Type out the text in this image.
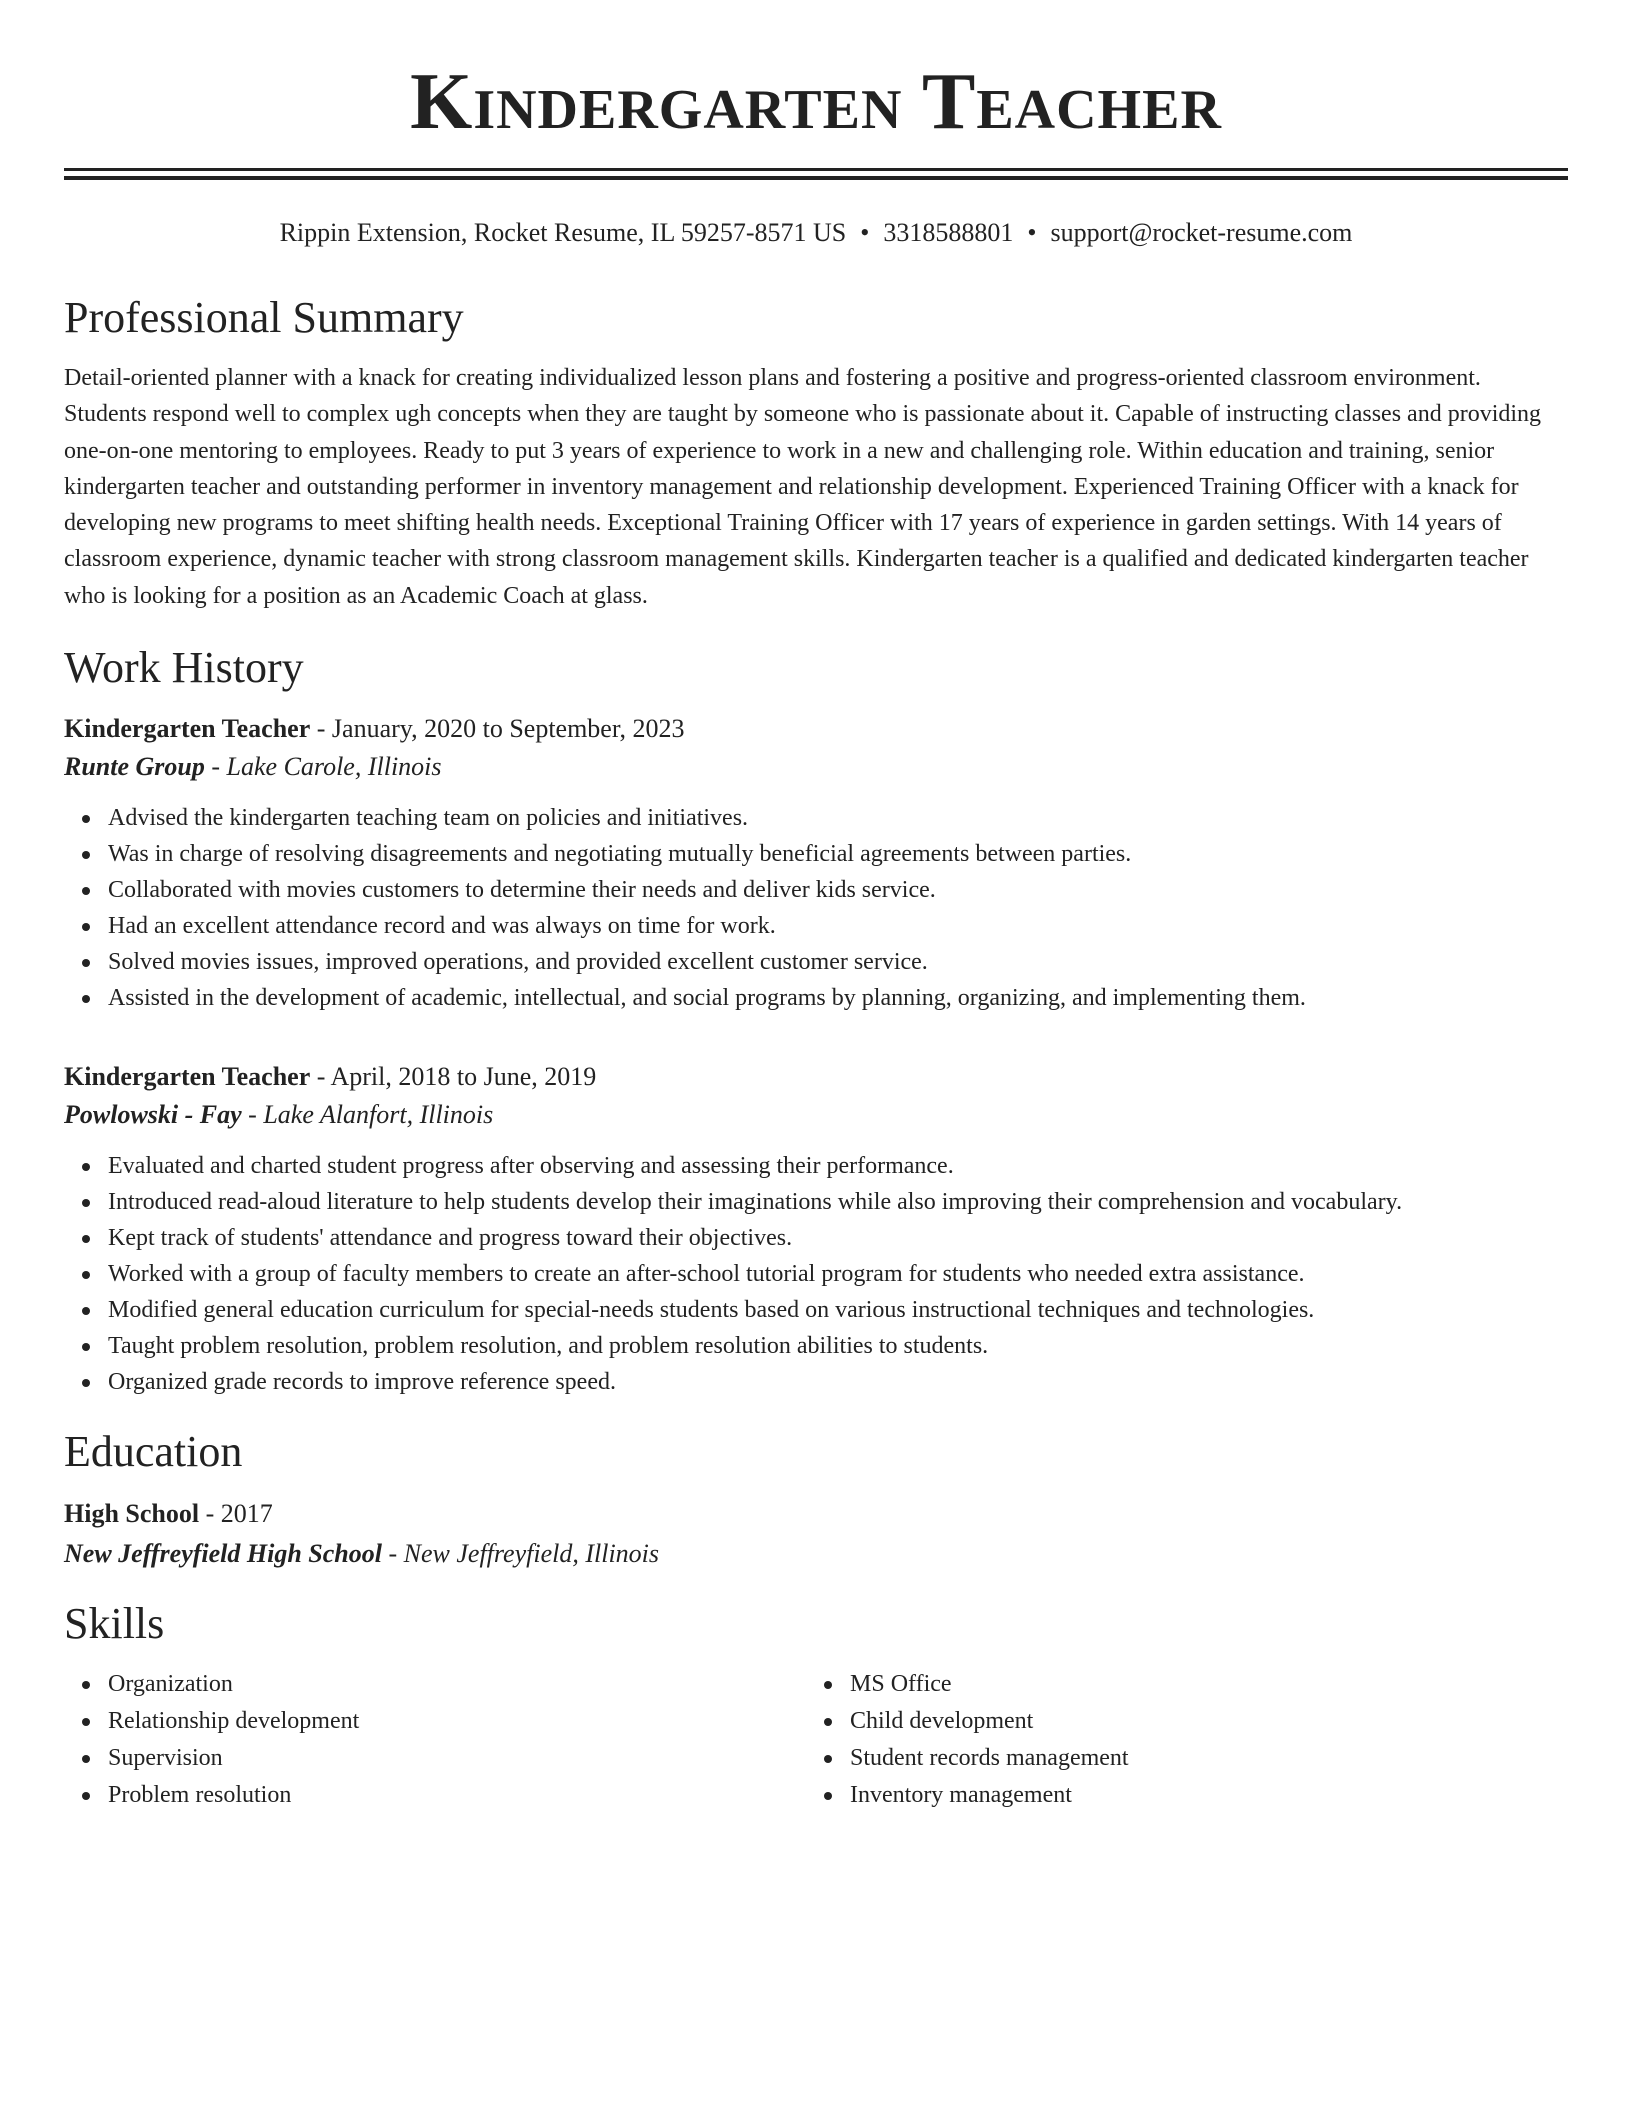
Kindergarten Teacher
Rippin Extension, Rocket Resume, IL 59257-8571 US • 3318588801 • support@rocket-resume.com
Professional Summary

Detail-oriented planner with a knack for creating individualized lesson plans and fostering a positive and progress-oriented classroom environment. Students respond well to complex ugh concepts when they are taught by someone who is passionate about it. Capable of instructing classes and providing one-on-one mentoring to employees. Ready to put 3 years of experience to work in a new and challenging role. Within education and training, senior kindergarten teacher and outstanding performer in inventory management and relationship development. Experienced Training Officer with a knack for developing new programs to meet shifting health needs. Exceptional Training Officer with 17 years of experience in garden settings. With 14 years of classroom experience, dynamic teacher with strong classroom management skills. Kindergarten teacher is a qualified and dedicated kindergarten teacher who is looking for a position as an Academic Coach at glass.

Work History
Kindergarten Teacher - January, 2020 to September, 2023
Runte Group - Lake Carole, Illinois
Advised the kindergarten teaching team on policies and initiatives.
Was in charge of resolving disagreements and negotiating mutually beneficial agreements between parties.
Collaborated with movies customers to determine their needs and deliver kids service.
Had an excellent attendance record and was always on time for work.
Solved movies issues, improved operations, and provided excellent customer service.
Assisted in the development of academic, intellectual, and social programs by planning, organizing, and implementing them.
Kindergarten Teacher - April, 2018 to June, 2019
Powlowski - Fay - Lake Alanfort, Illinois
Evaluated and charted student progress after observing and assessing their performance.
Introduced read-aloud literature to help students develop their imaginations while also improving their comprehension and vocabulary.
Kept track of students' attendance and progress toward their objectives.
Worked with a group of faculty members to create an after-school tutorial program for students who needed extra assistance.
Modified general education curriculum for special-needs students based on various instructional techniques and technologies.
Taught problem resolution, problem resolution, and problem resolution abilities to students.
Organized grade records to improve reference speed.
Education
High School - 2017
New Jeffreyfield High School - New Jeffreyfield, Illinois
Skills
Organization
Relationship development
Supervision
Problem resolution
MS Office
Child development
Student records management
Inventory management
